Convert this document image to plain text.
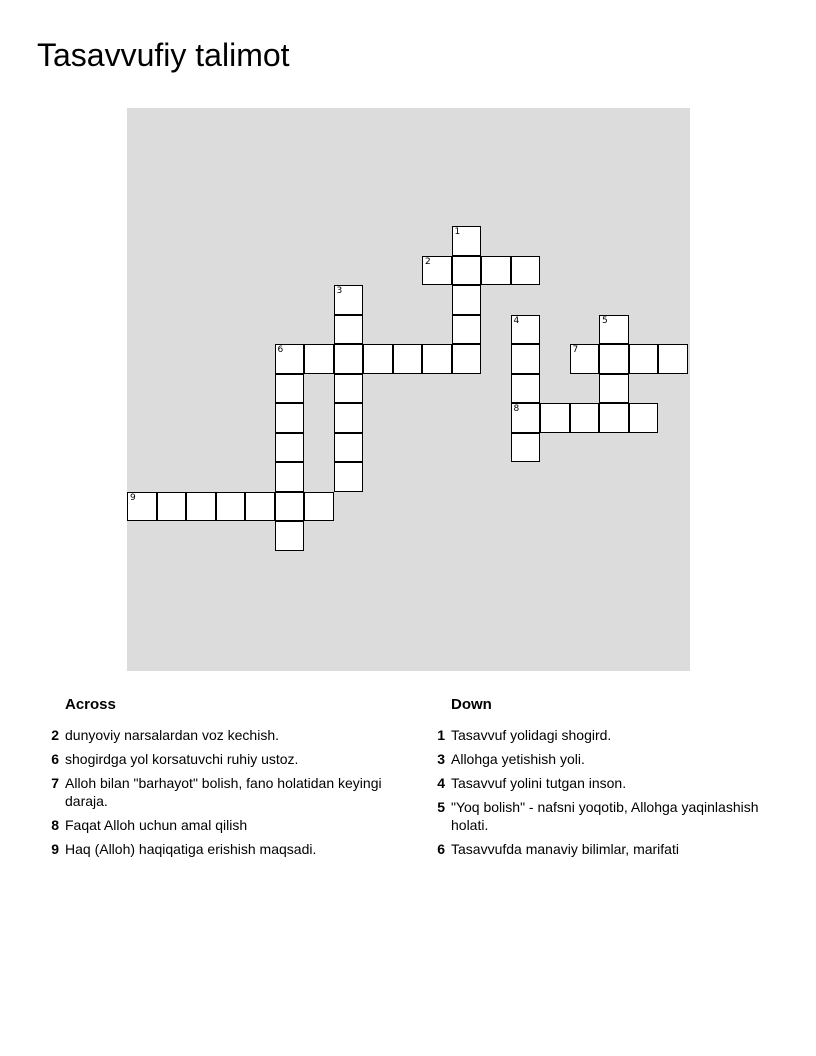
Tasavvufiy talimot
1
2
3
4	5
6	7
8
9
Across
2 dunyoviy narsalardan voz kechish.
6 shogirdga yol korsatuvchi ruhiy ustoz.
7 Alloh bilan "barhayot" bolish, fano holatidan keyingi daraja.
8 Faqat Alloh uchun amal qilish
9 Haq (Alloh) haqiqatiga erishish maqsadi.
Down
1 Tasavvuf yolidagi shogird.
3 Allohga yetishish yoli.
4 Tasavvuf yolini tutgan inson.
5 "Yoq bolish" - nafsni yoqotib, Allohga yaqinlashish holati.
6 Tasavvufda manaviy bilimlar, marifati
